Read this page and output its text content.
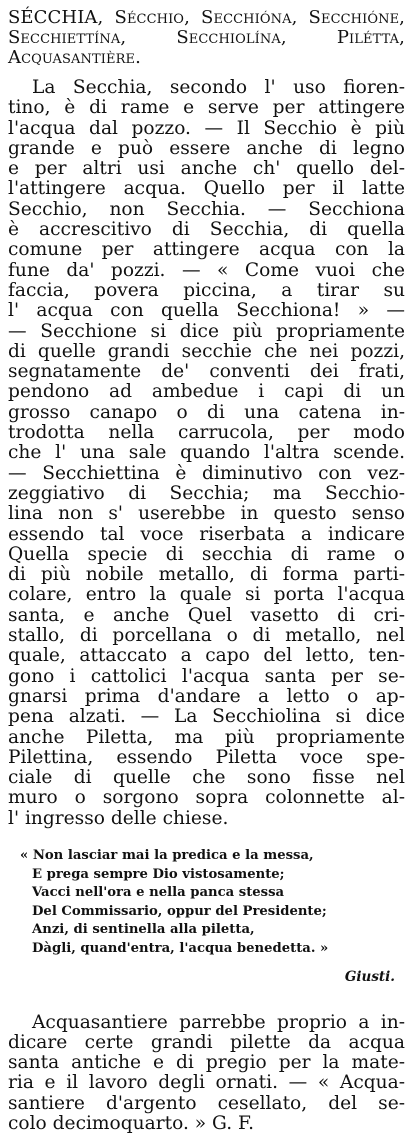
SÉCCHIA, Sécchio, Secchióna, Secchióne, Secchiettína, Secchiolína, Pilétta, Acquasantière.
La Secchia, secondo l' uso fioren-
tino, è di rame e serve per attingere
l'acqua dal pozzo. — Il Secchio è più
grande e può essere anche di legno
e per altri usi anche ch' quello del-
l'attingere acqua. Quello per il latte
Secchio, non Secchia. — Secchiona
è accrescitivo di Secchia, di quella
comune per attingere acqua con la
fune da' pozzi. — « Come vuoi che
faccia, povera piccina, a tirar su
l' acqua con quella Secchiona! » —
— Secchione si dice più propriamente
di quelle grandi secchie che nei pozzi,
segnatamente de' conventi dei frati,
pendono ad ambedue i capi di un
grosso canapo o di una catena in-
trodotta nella carrucola, per modo
che l' una sale quando l'altra scende.
— Secchiettina è diminutivo con vez-
zeggiativo di Secchia; ma Secchio-
lina non s' userebbe in questo senso
essendo tal voce riserbata a indicare
Quella specie di secchia di rame o
di più nobile metallo, di forma parti-
colare, entro la quale si porta l'acqua
santa, e anche Quel vasetto di cri-
stallo, di porcellana o di metallo, nel
quale, attaccato a capo del letto, ten-
gono i cattolici l'acqua santa per se-
gnarsi prima d'andare a letto o ap-
pena alzati. — La Secchiolina si dice
anche Piletta, ma più propriamente
Pilettina, essendo Piletta voce spe-
ciale di quelle che sono fisse nel
muro o sorgono sopra colonnette al-
l' ingresso delle chiese.
« Non lasciar mai la predica e la messa,
E prega sempre Dio vistosamente;
Vacci nell'ora e nella panca stessa
Del Commissario, oppur del Presidente;
Anzi, di sentinella alla piletta,
Dàgli, quand'entra, l'acqua benedetta. »
Giusti.
Acquasantiere parrebbe proprio a in-
dicare certe grandi pilette da acqua
santa antiche e di pregio per la mate-
ria e il lavoro degli ornati. — « Acqua-
santiere d'argento cesellato, del se-
colo decimoquarto. » G. F.
